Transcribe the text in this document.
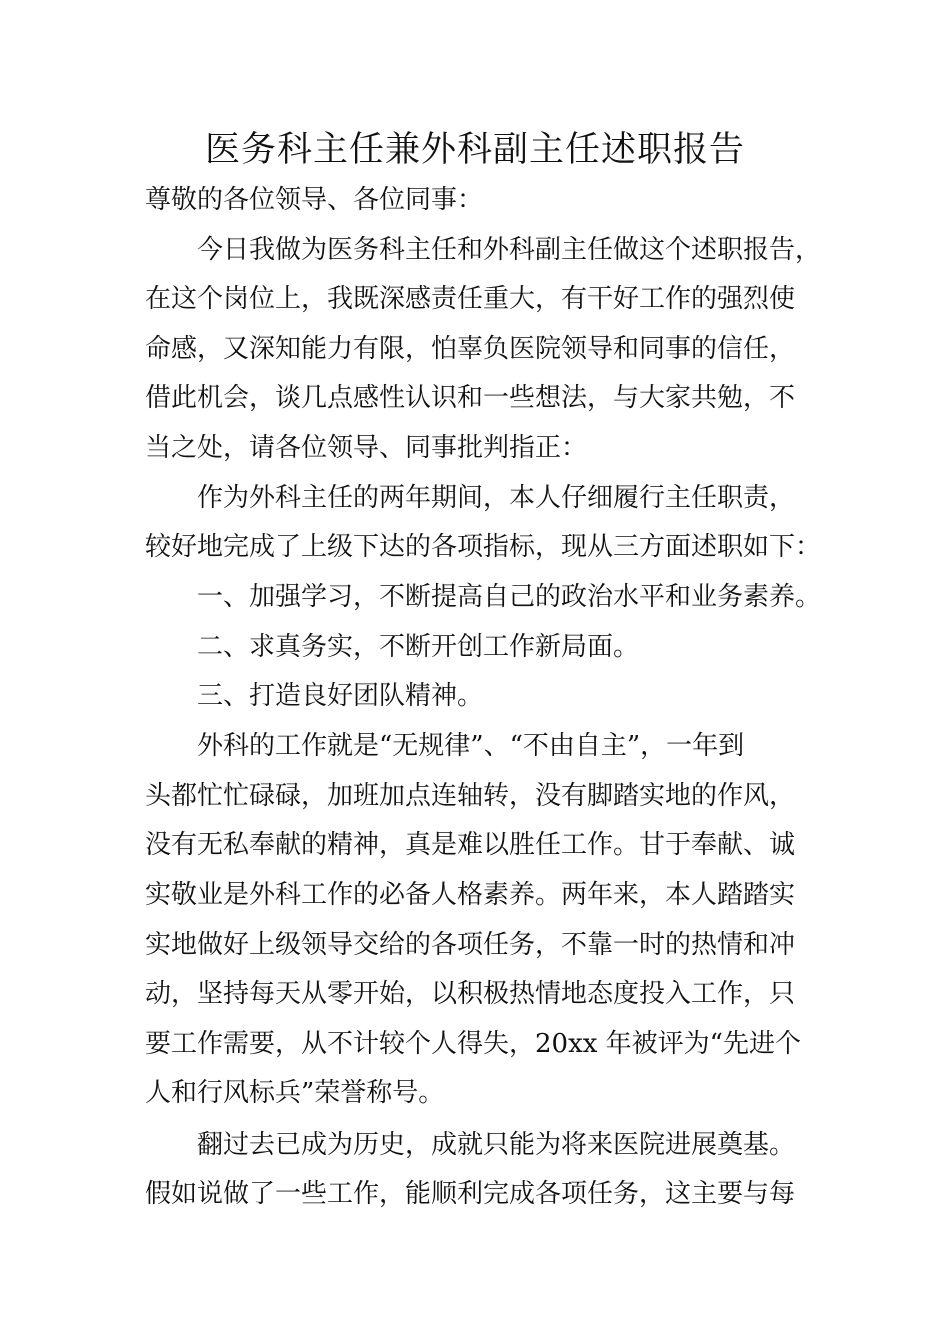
医务科主任兼外科副主任述职报告

尊敬的各位领导、各位同事：

今日我做为医务科主任和外科副主任做这个述职报告，

在这个岗位上，我既深感责任重大，有干好工作的强烈使

命感，又深知能力有限，怕辜负医院领导和同事的信任，

借此机会，谈几点感性认识和一些想法，与大家共勉，不

当之处，请各位领导、同事批判指正：

作为外科主任的两年期间，本人仔细履行主任职责，

较好地完成了上级下达的各项指标，现从三方面述职如下：

一、加强学习，不断提高自己的政治水平和业务素养。

二、求真务实，不断开创工作新局面。

三、打造良好团队精神。

外科的工作就是“无规律”、“不由自主”，一年到

头都忙忙碌碌，加班加点连轴转，没有脚踏实地的作风，

没有无私奉献的精神，真是难以胜任工作。甘于奉献、诚

实敬业是外科工作的必备人格素养。两年来，本人踏踏实

实地做好上级领导交给的各项任务，不靠一时的热情和冲

动，坚持每天从零开始，以积极热情地态度投入工作，只

要工作需要，从不计较个人得失，20xx 年被评为“先进个

人和行风标兵”荣誉称号。

翻过去已成为历史，成就只能为将来医院进展奠基。

假如说做了一些工作，能顺利完成各项任务，这主要与每
